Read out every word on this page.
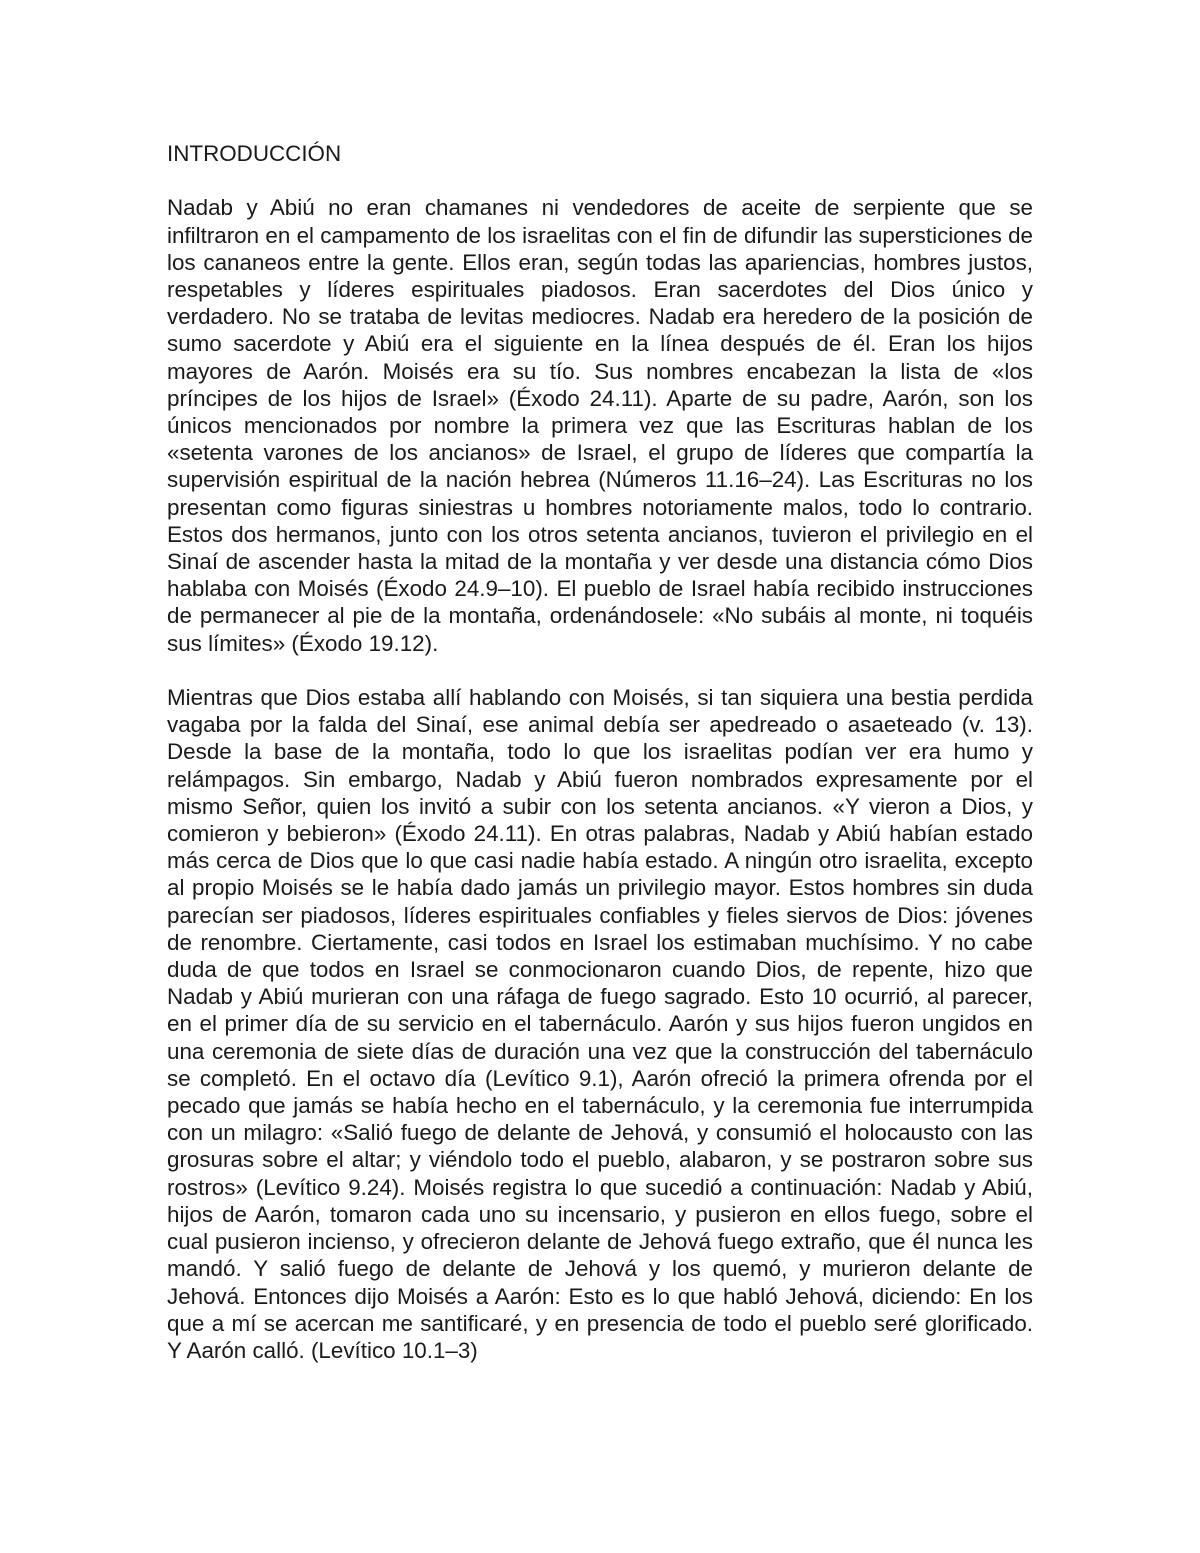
INTRODUCCIÓN

Nadab y Abiú no eran chamanes ni vendedores de aceite de serpiente que se infiltraron en el campamento de los israelitas con el fin de difundir las supersticiones de los cananeos entre la gente. Ellos eran, según todas las apariencias, hombres justos, respetables y líderes espirituales piadosos. Eran sacerdotes del Dios único y verdadero. No se trataba de levitas mediocres. Nadab era heredero de la posición de sumo sacerdote y Abiú era el siguiente en la línea después de él. Eran los hijos mayores de Aarón. Moisés era su tío. Sus nombres encabezan la lista de «los príncipes de los hijos de Israel» (Éxodo 24.11). Aparte de su padre, Aarón, son los únicos mencionados por nombre la primera vez que las Escrituras hablan de los «setenta varones de los ancianos» de Israel, el grupo de líderes que compartía la supervisión espiritual de la nación hebrea (Números 11.16–24). Las Escrituras no los presentan como figuras siniestras u hombres notoriamente malos, todo lo contrario. Estos dos hermanos, junto con los otros setenta ancianos, tuvieron el privilegio en el Sinaí de ascender hasta la mitad de la montaña y ver desde una distancia cómo Dios hablaba con Moisés (Éxodo 24.9–10). El pueblo de Israel había recibido instrucciones de permanecer al pie de la montaña, ordenándosele: «No subáis al monte, ni toquéis sus límites» (Éxodo 19.12).

Mientras que Dios estaba allí hablando con Moisés, si tan siquiera una bestia perdida vagaba por la falda del Sinaí, ese animal debía ser apedreado o asaeteado (v. 13). Desde la base de la montaña, todo lo que los israelitas podían ver era humo y relámpagos. Sin embargo, Nadab y Abiú fueron nombrados expresamente por el mismo Señor, quien los invitó a subir con los setenta ancianos. «Y vieron a Dios, y comieron y bebieron» (Éxodo 24.11). En otras palabras, Nadab y Abiú habían estado más cerca de Dios que lo que casi nadie había estado. A ningún otro israelita, excepto al propio Moisés se le había dado jamás un privilegio mayor. Estos hombres sin duda parecían ser piadosos, líderes espirituales confiables y fieles siervos de Dios: jóvenes de renombre. Ciertamente, casi todos en Israel los estimaban muchísimo. Y no cabe duda de que todos en Israel se conmocionaron cuando Dios, de repente, hizo que Nadab y Abiú murieran con una ráfaga de fuego sagrado. Esto 10 ocurrió, al parecer, en el primer día de su servicio en el tabernáculo. Aarón y sus hijos fueron ungidos en una ceremonia de siete días de duración una vez que la construcción del tabernáculo se completó. En el octavo día (Levítico 9.1), Aarón ofreció la primera ofrenda por el pecado que jamás se había hecho en el tabernáculo, y la ceremonia fue interrumpida con un milagro: «Salió fuego de delante de Jehová, y consumió el holocausto con las grosuras sobre el altar; y viéndolo todo el pueblo, alabaron, y se postraron sobre sus rostros» (Levítico 9.24). Moisés registra lo que sucedió a continuación: Nadab y Abiú, hijos de Aarón, tomaron cada uno su incensario, y pusieron en ellos fuego, sobre el cual pusieron incienso, y ofrecieron delante de Jehová fuego extraño, que él nunca les mandó. Y salió fuego de delante de Jehová y los quemó, y murieron delante de Jehová. Entonces dijo Moisés a Aarón: Esto es lo que habló Jehová, diciendo: En los que a mí se acercan me santificaré, y en presencia de todo el pueblo seré glorificado. Y Aarón calló. (Levítico 10.1–3)
